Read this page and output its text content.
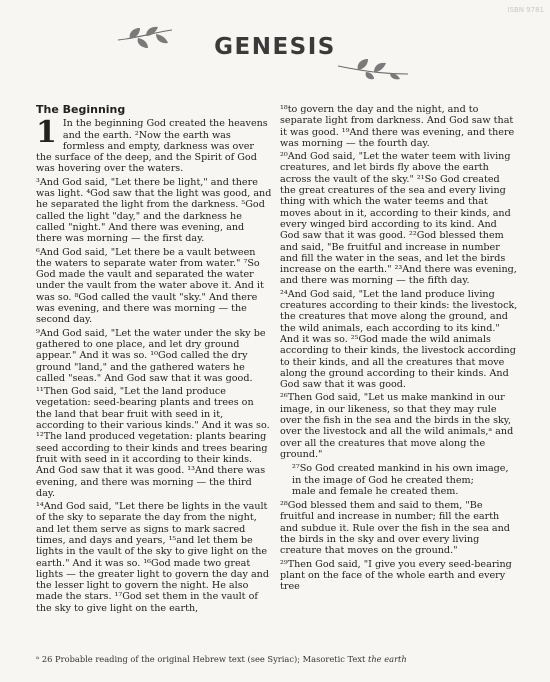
ISBN 9781
GENESIS
The Beginning

1 In the beginning God created the heavens and the earth. ²Now the earth was formless and empty, darkness was over the surface of the deep, and the Spirit of God was hovering over the waters.

³And God said, "Let there be light," and there was light. ⁴God saw that the light was good, and he separated the light from the darkness. ⁵God called the light "day," and the darkness he called "night." And there was evening, and there was morning — the first day.

⁶And God said, "Let there be a vault between the waters to separate water from water." ⁷So God made the vault and separated the water under the vault from the water above it. And it was so. ⁸God called the vault "sky." And there was evening, and there was morning — the second day.

⁹And God said, "Let the water under the sky be gathered to one place, and let dry ground appear." And it was so. ¹⁰God called the dry ground "land," and the gathered waters he called "seas." And God saw that it was good.

¹¹Then God said, "Let the land produce vegetation: seed-bearing plants and trees on the land that bear fruit with seed in it, according to their various kinds." And it was so. ¹²The land produced vegetation: plants bearing seed according to their kinds and trees bearing fruit with seed in it according to their kinds. And God saw that it was good. ¹³And there was evening, and there was morning — the third day.

¹⁴And God said, "Let there be lights in the vault of the sky to separate the day from the night, and let them serve as signs to mark sacred times, and days and years, ¹⁵and let them be lights in the vault of the sky to give light on the earth." And it was so. ¹⁶God made two great lights — the greater light to govern the day and the lesser light to govern the night. He also made the stars. ¹⁷God set them in the vault of the sky to give light on the earth,

¹⁸to govern the day and the night, and to separate light from darkness. And God saw that it was good. ¹⁹And there was evening, and there was morning — the fourth day.

²⁰And God said, "Let the water teem with living creatures, and let birds fly above the earth across the vault of the sky." ²¹So God created the great creatures of the sea and every living thing with which the water teems and that moves about in it, according to their kinds, and every winged bird according to its kind. And God saw that it was good. ²²God blessed them and said, "Be fruitful and increase in number and fill the water in the seas, and let the birds increase on the earth." ²³And there was evening, and there was morning — the fifth day.

²⁴And God said, "Let the land produce living creatures according to their kinds: the livestock, the creatures that move along the ground, and the wild animals, each according to its kind." And it was so. ²⁵God made the wild animals according to their kinds, the livestock according to their kinds, and all the creatures that move along the ground according to their kinds. And God saw that it was good.

²⁶Then God said, "Let us make mankind in our image, in our likeness, so that they may rule over the fish in the sea and the birds in the sky, over the livestock and all the wild animals,ᵃ and over all the creatures that move along the ground."

²⁷So God created mankind in his own image,
in the image of God he created them;
male and female he created them.

²⁸God blessed them and said to them, "Be fruitful and increase in number; fill the earth and subdue it. Rule over the fish in the sea and the birds in the sky and over every living creature that moves on the ground."

²⁹Then God said, "I give you every seed-bearing plant on the face of the whole earth and every tree

ᵃ 26 Probable reading of the original Hebrew text (see Syriac); Masoretic Text the earth
